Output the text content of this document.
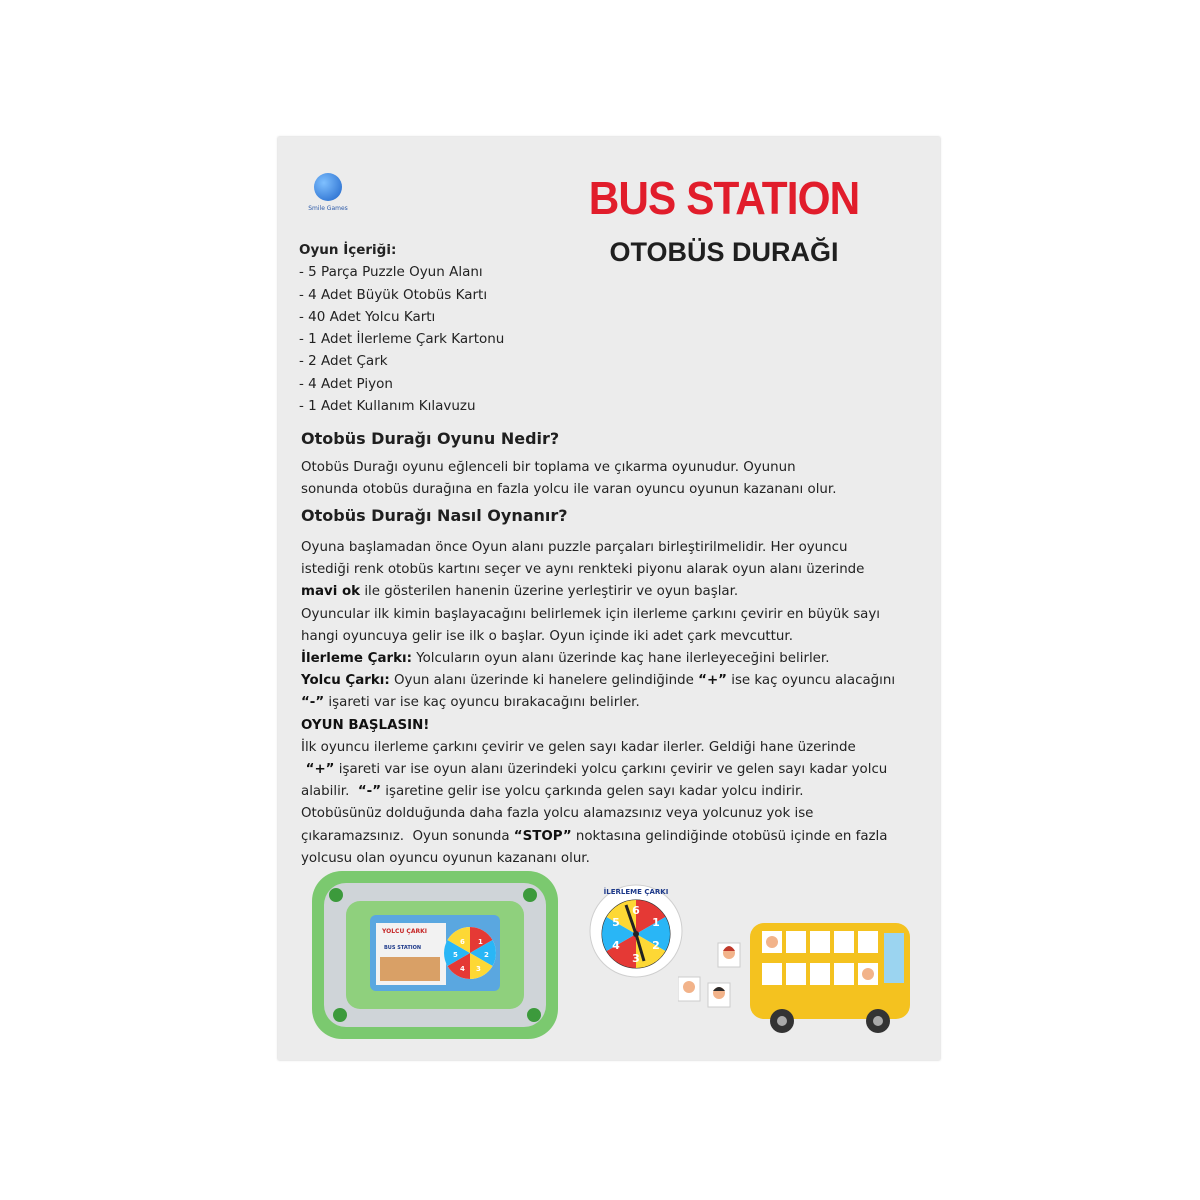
Smile Games	BUS STATION
OTOBÜS DURAĞI
Oyun İçeriği:
- 5 Parça Puzzle Oyun Alanı
- 4 Adet Büyük Otobüs Kartı
- 40 Adet Yolcu Kartı
- 1 Adet İlerleme Çark Kartonu
- 2 Adet Çark
- 4 Adet Piyon
- 1 Adet Kullanım Kılavuzu
Otobüs Durağı Oyunu Nedir?
Otobüs Durağı oyunu eğlenceli bir toplama ve çıkarma oyunudur. Oyunun
sonunda otobüs durağına en fazla yolcu ile varan oyuncu oyunun kazananı olur.
Otobüs Durağı Nasıl Oynanır?
Oyuna başlamadan önce Oyun alanı puzzle parçaları birleştirilmelidir. Her oyuncu
istediği renk otobüs kartını seçer ve aynı renkteki piyonu alarak oyun alanı üzerinde
mavi ok ile gösterilen hanenin üzerine yerleştirir ve oyun başlar.
Oyuncular ilk kimin başlayacağını belirlemek için ilerleme çarkını çevirir en büyük sayı
hangi oyuncuya gelir ise ilk o başlar. Oyun içinde iki adet çark mevcuttur.
İlerleme Çarkı: Yolcuların oyun alanı üzerinde kaç hane ilerleyeceğini belirler.
Yolcu Çarkı: Oyun alanı üzerinde ki hanelere gelindiğinde “+” ise kaç oyuncu alacağını
“-” işareti var ise kaç oyuncu bırakacağını belirler.
OYUN BAŞLASIN!
İlk oyuncu ilerleme çarkını çevirir ve gelen sayı kadar ilerler. Geldiği hane üzerinde
“+” işareti var ise oyun alanı üzerindeki yolcu çarkını çevirir ve gelen sayı kadar yolcu
alabilir.  “-” işaretine gelir ise yolcu çarkında gelen sayı kadar yolcu indirir.
Otobüsünüz dolduğunda daha fazla yolcu alamazsınız veya yolcunuz yok ise
çıkaramazsınız.  Oyun sonunda “STOP” noktasına gelindiğinde otobüsü içinde en fazla
yolcusu olan oyuncu oyunun kazananı olur.
YOLCU ÇARKI
BUS STATION
1
2
3
4
5
6
İLERLEME ÇARKI
6
1
2
3
4
5
